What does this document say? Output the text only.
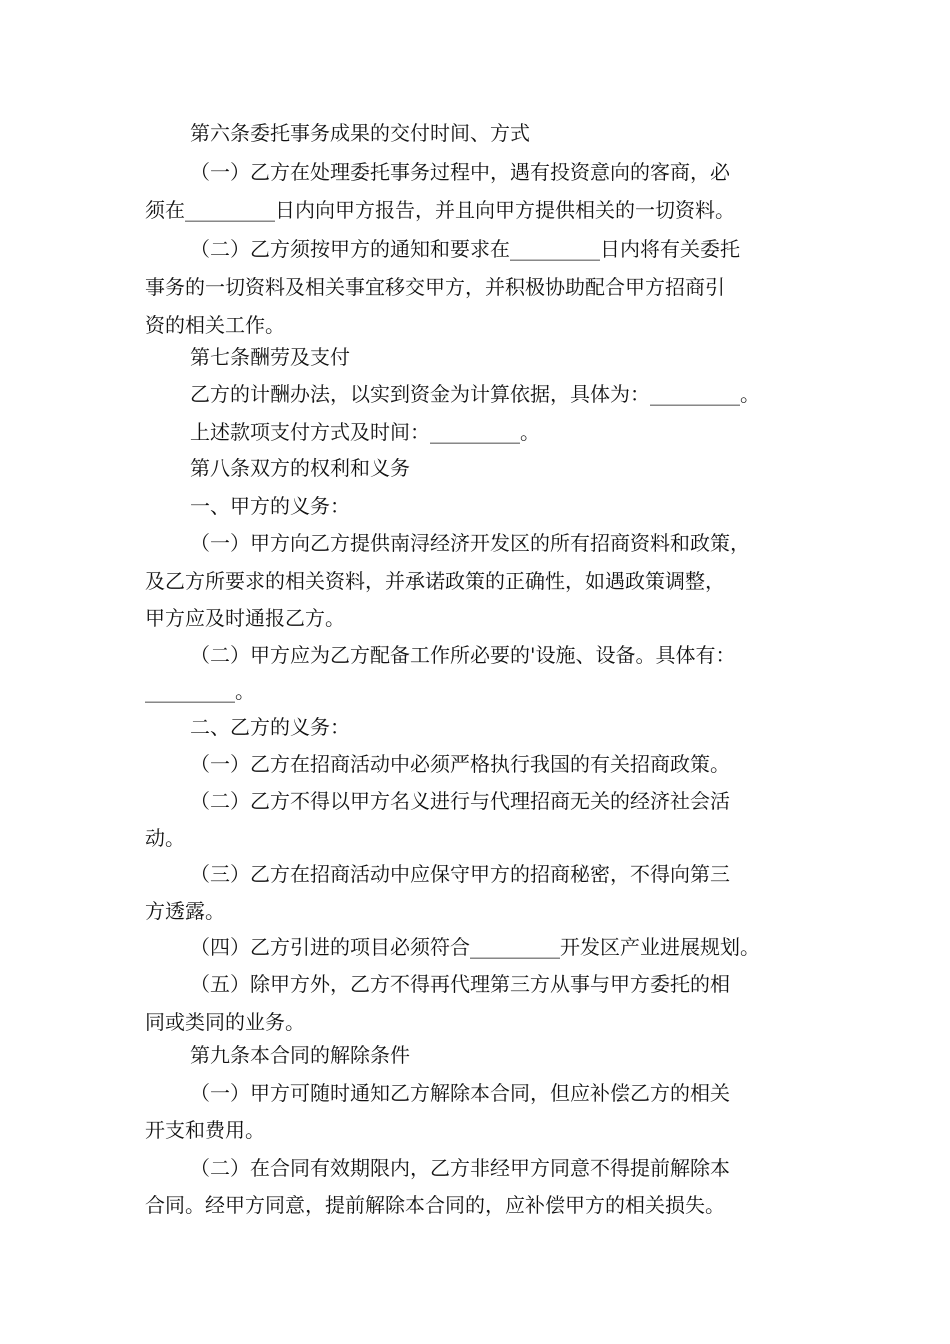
第六条委托事务成果的交付时间、方式
（一）乙方在处理委托事务过程中，遇有投资意向的客商，必
须在_________日内向甲方报告，并且向甲方提供相关的一切资料。
（二）乙方须按甲方的通知和要求在_________日内将有关委托
事务的一切资料及相关事宜移交甲方，并积极协助配合甲方招商引
资的相关工作。
第七条酬劳及支付
乙方的计酬办法，以实到资金为计算依据，具体为：_________。
上述款项支付方式及时间：_________。
第八条双方的权利和义务
一、甲方的义务：
（一）甲方向乙方提供南浔经济开发区的所有招商资料和政策，
及乙方所要求的相关资料，并承诺政策的正确性，如遇政策调整，
甲方应及时通报乙方。
（二）甲方应为乙方配备工作所必要的'设施、设备。具体有：
_________。
二、乙方的义务：
（一）乙方在招商活动中必须严格执行我国的有关招商政策。
（二）乙方不得以甲方名义进行与代理招商无关的经济社会活
动。
（三）乙方在招商活动中应保守甲方的招商秘密，不得向第三
方透露。
（四）乙方引进的项目必须符合_________开发区产业进展规划。
（五）除甲方外，乙方不得再代理第三方从事与甲方委托的相
同或类同的业务。
第九条本合同的解除条件
（一）甲方可随时通知乙方解除本合同，但应补偿乙方的相关
开支和费用。
（二）在合同有效期限内，乙方非经甲方同意不得提前解除本
合同。经甲方同意，提前解除本合同的，应补偿甲方的相关损失。
